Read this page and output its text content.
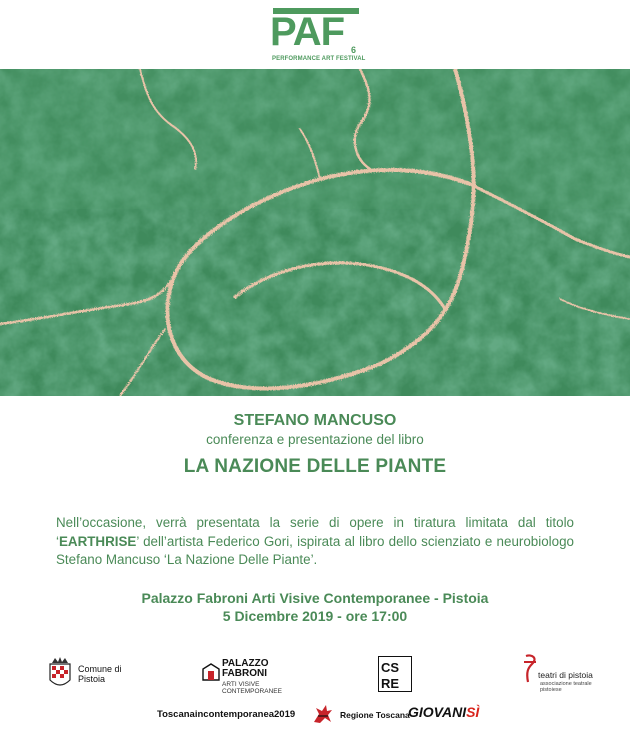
PAF 6
PERFORMANCE ART FESTIVAL
STEFANO MANCUSO
conferenza e presentazione del libro
LA NAZIONE DELLE PIANTE
Nell’occasione, verrà presentata la serie di opere in tiratura limitata dal titolo ‘EARTHRISE’ dell’artista Federico Gori, ispirata al libro dello scienziato e neurobiologo Stefano Mancuso ‘La Nazione Delle Piante’.
Palazzo Fabroni Arti Visive Contemporanee - Pistoia
5 Dicembre 2019 - ore 17:00
Comune di Pistoia
PALAZZO FABRONI
ARTI VISIVE CONTEMPORANEE
CS
RE
teatri di pistoia
associazione teatrale pistoiese
Toscanaincontemporanea2019	Regione Toscana
GIOVANISÌ
